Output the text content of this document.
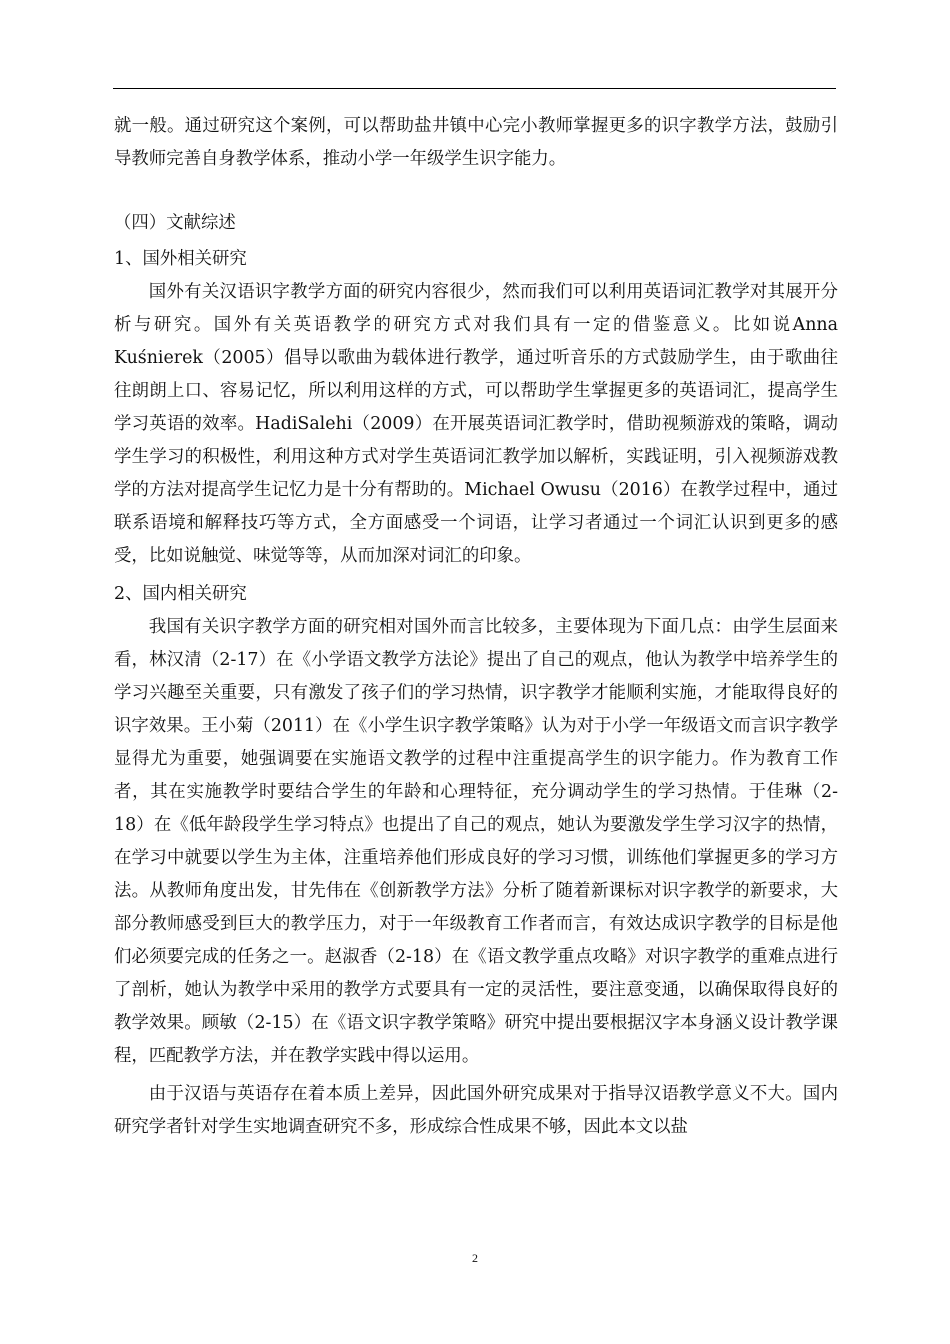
就一般。通过研究这个案例，可以帮助盐井镇中心完小教师掌握更多的识字教学方法，鼓励引导教师完善自身教学体系，推动小学一年级学生识字能力。

（四）文献综述
1、国外相关研究

国外有关汉语识字教学方面的研究内容很少，然而我们可以利用英语词汇教学对其展开分析与研究。国外有关英语教学的研究方式对我们具有一定的借鉴意义。比如说Anna Kuśnierek（2005）倡导以歌曲为载体进行教学，通过听音乐的方式鼓励学生，由于歌曲往往朗朗上口、容易记忆，所以利用这样的方式，可以帮助学生掌握更多的英语词汇，提高学生学习英语的效率。HadiSalehi（2009）在开展英语词汇教学时，借助视频游戏的策略，调动学生学习的积极性，利用这种方式对学生英语词汇教学加以解析，实践证明，引入视频游戏教学的方法对提高学生记忆力是十分有帮助的。Michael Owusu（2016）在教学过程中，通过联系语境和解释技巧等方式，全方面感受一个词语，让学习者通过一个词汇认识到更多的感受，比如说触觉、味觉等等，从而加深对词汇的印象。

2、国内相关研究

我国有关识字教学方面的研究相对国外而言比较多，主要体现为下面几点：由学生层面来看，林汉清（2-17）在《小学语文教学方法论》提出了自己的观点，他认为教学中培养学生的学习兴趣至关重要，只有激发了孩子们的学习热情，识字教学才能顺利实施，才能取得良好的识字效果。王小菊（2011）在《小学生识字教学策略》认为对于小学一年级语文而言识字教学显得尤为重要，她强调要在实施语文教学的过程中注重提高学生的识字能力。作为教育工作者，其在实施教学时要结合学生的年龄和心理特征，充分调动学生的学习热情。于佳琳（2-18）在《低年龄段学生学习特点》也提出了自己的观点，她认为要激发学生学习汉字的热情，在学习中就要以学生为主体，注重培养他们形成良好的学习习惯，训练他们掌握更多的学习方法。从教师角度出发，甘先伟在《创新教学方法》分析了随着新课标对识字教学的新要求，大部分教师感受到巨大的教学压力，对于一年级教育工作者而言，有效达成识字教学的目标是他们必须要完成的任务之一。赵淑香（2-18）在《语文教学重点攻略》对识字教学的重难点进行了剖析，她认为教学中采用的教学方式要具有一定的灵活性，要注意变通，以确保取得良好的教学效果。顾敏（2-15）在《语文识字教学策略》研究中提出要根据汉字本身涵义设计教学课程，匹配教学方法，并在教学实践中得以运用。

由于汉语与英语存在着本质上差异，因此国外研究成果对于指导汉语教学意义不大。国内研究学者针对学生实地调查研究不多，形成综合性成果不够，因此本文以盐

2
